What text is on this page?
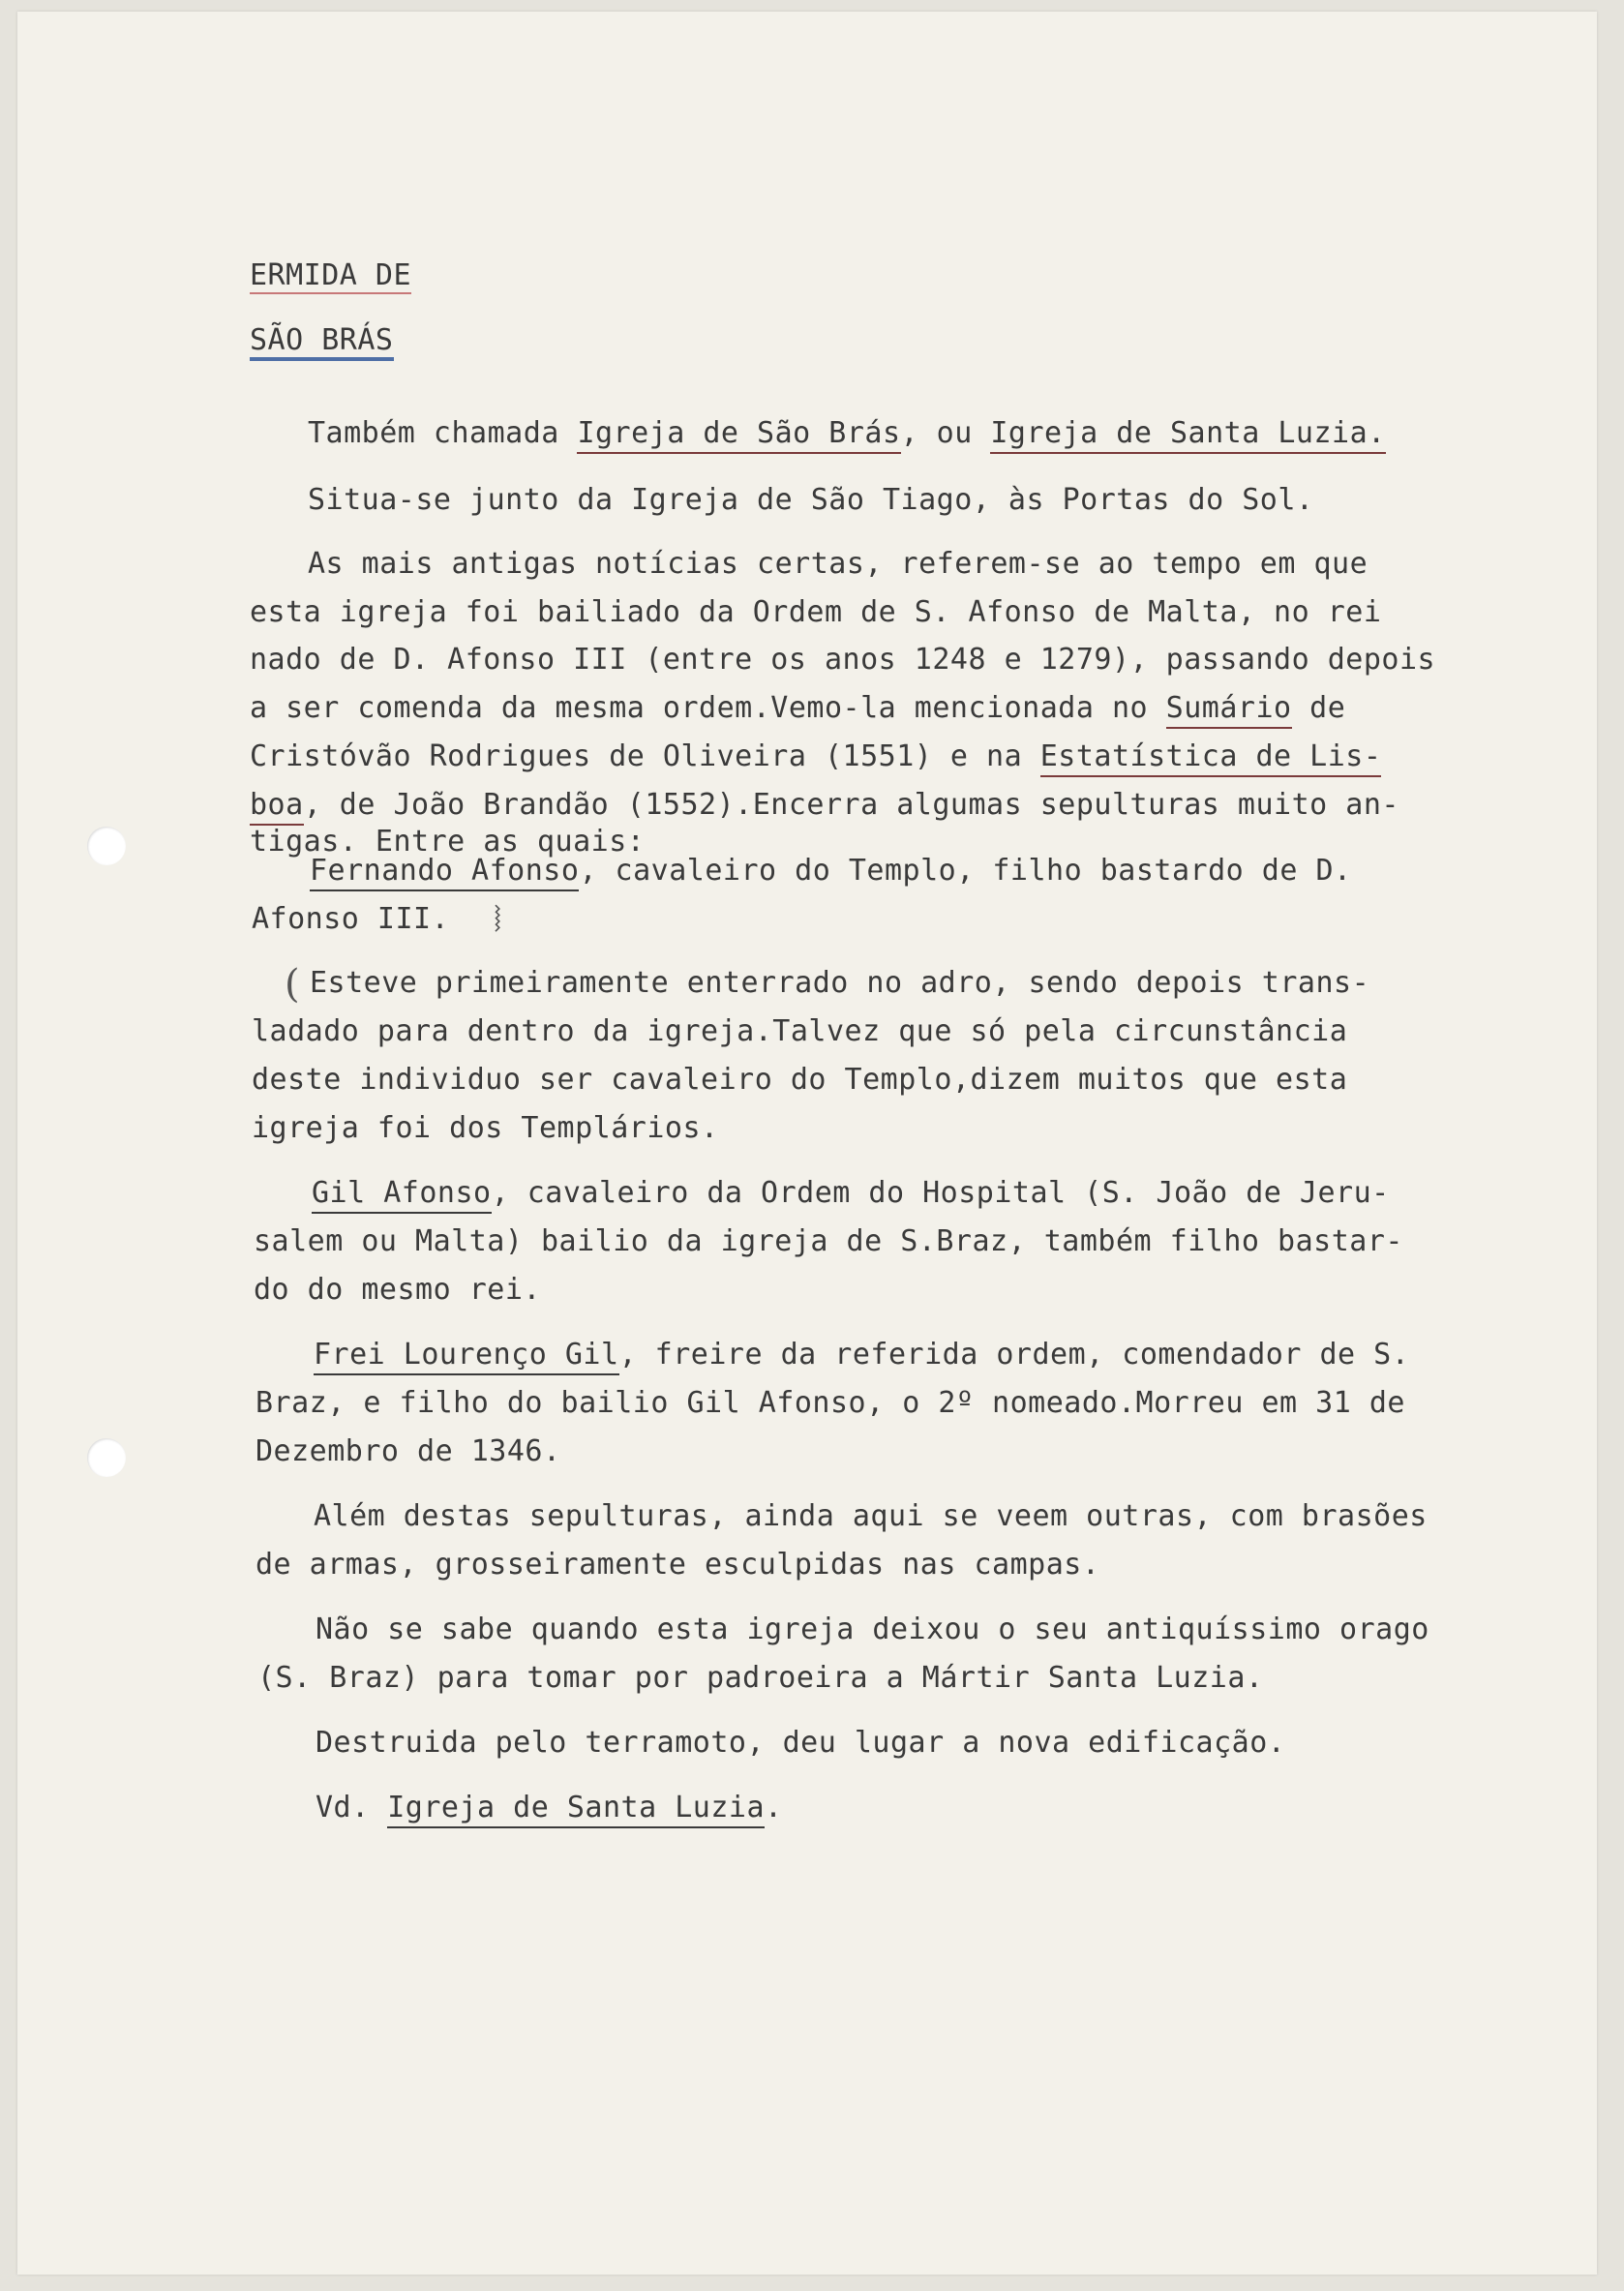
ERMIDA DE
SÃO BRÁS
Também chamada Igreja de São Brás, ou Igreja de Santa Luzia.
Situa-se junto da Igreja de São Tiago, às Portas do Sol.
As mais antigas notícias certas, referem-se ao tempo em que
esta igreja foi bailiado da Ordem de S. Afonso de Malta, no rei
nado de D. Afonso III (entre os anos 1248 e 1279), passando depois
a ser comenda da mesma ordem.Vemo-la mencionada no Sumário de
Cristóvão Rodrigues de Oliveira (1551) e na Estatística de Lis-
boa, de João Brandão (1552).Encerra algumas sepulturas muito an-
tigas. Entre as quais:
Fernando Afonso, cavaleiro do Templo, filho bastardo de D.
Afonso III. ⧘
( Esteve primeiramente enterrado no adro, sendo depois trans-
ladado para dentro da igreja.Talvez que só pela circunstância
deste individuo ser cavaleiro do Templo,dizem muitos que esta
igreja foi dos Templários.
Gil Afonso, cavaleiro da Ordem do Hospital (S. João de Jeru-
salem ou Malta) bailio da igreja de S.Braz, também filho bastar-
do do mesmo rei.
Frei Lourenço Gil, freire da referida ordem, comendador de S.
Braz, e filho do bailio Gil Afonso, o 2º nomeado.Morreu em 31 de
Dezembro de 1346.
Além destas sepulturas, ainda aqui se veem outras, com brasões
de armas, grosseiramente esculpidas nas campas.
Não se sabe quando esta igreja deixou o seu antiquíssimo orago
(S. Braz) para tomar por padroeira a Mártir Santa Luzia.
Destruida pelo terramoto, deu lugar a nova edificação.
Vd. Igreja de Santa Luzia.
